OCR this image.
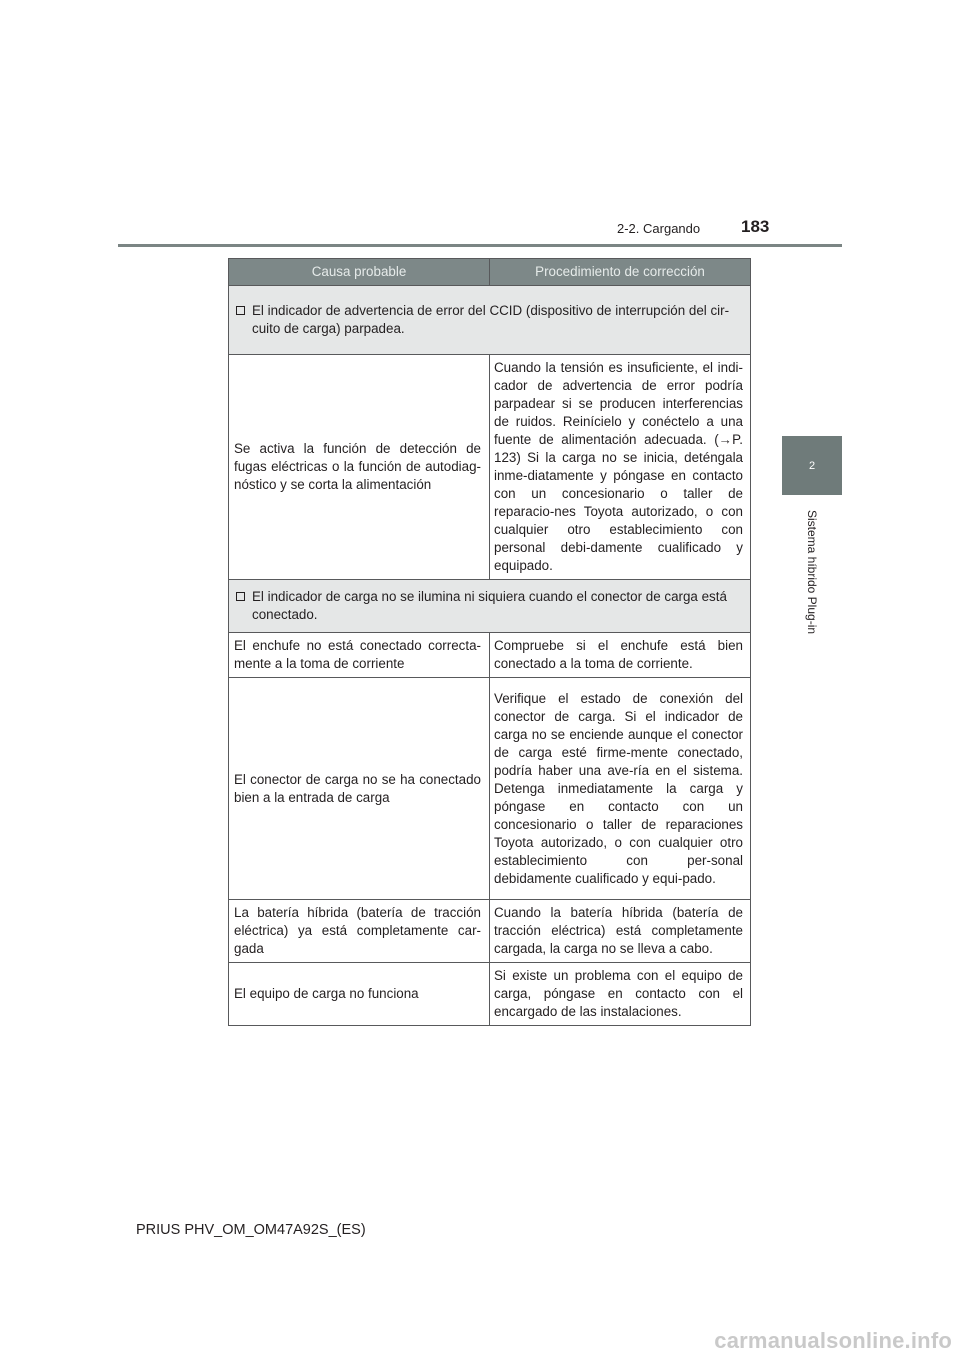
2-2. Cargando 183
2
Sistema híbrido Plug-in
Causa probable	Procedimiento de corrección

El indicador de advertencia de error del CCID (dispositivo de interrupción del cir-cuito de carga) parpadea.	

Se activa la función de detección de fugas eléctricas o la función de autodiag-nóstico y se corta la alimentación	Cuando la tensión es insuficiente, el indi-cador de advertencia de error podría parpadear si se producen interferencias de ruidos. Reinícielo y conéctelo a una fuente de alimentación adecuada. (→P. 123) Si la carga no se inicia, deténgala inme-diatamente y póngase en contacto con un concesionario o taller de reparacio-nes Toyota autorizado, o con cualquier otro establecimiento con personal debi-damente cualificado y equipado.

El indicador de carga no se ilumina ni siquiera cuando el conector de carga está conectado.	

El enchufe no está conectado correcta-mente a la toma de corriente	Compruebe si el enchufe está bien conectado a la toma de corriente.
El conector de carga no se ha conectado bien a la entrada de carga	Verifique el estado de conexión del conector de carga. Si el indicador de carga no se enciende aunque el conector de carga esté firme-mente conectado, podría haber una ave-ría en el sistema. Detenga inmediatamente la carga y póngase en contacto con un concesionario o taller de reparaciones Toyota autorizado, o con cualquier otro establecimiento con per-sonal debidamente cualificado y equi-pado.
La batería híbrida (batería de tracción eléctrica) ya está completamente car-gada	Cuando la batería híbrida (batería de tracción eléctrica) está completamente cargada, la carga no se lleva a cabo.
El equipo de carga no funciona	Si existe un problema con el equipo de carga, póngase en contacto con el encargado de las instalaciones.
PRIUS PHV_OM_OM47A92S_(ES)
carmanualsonline.info
